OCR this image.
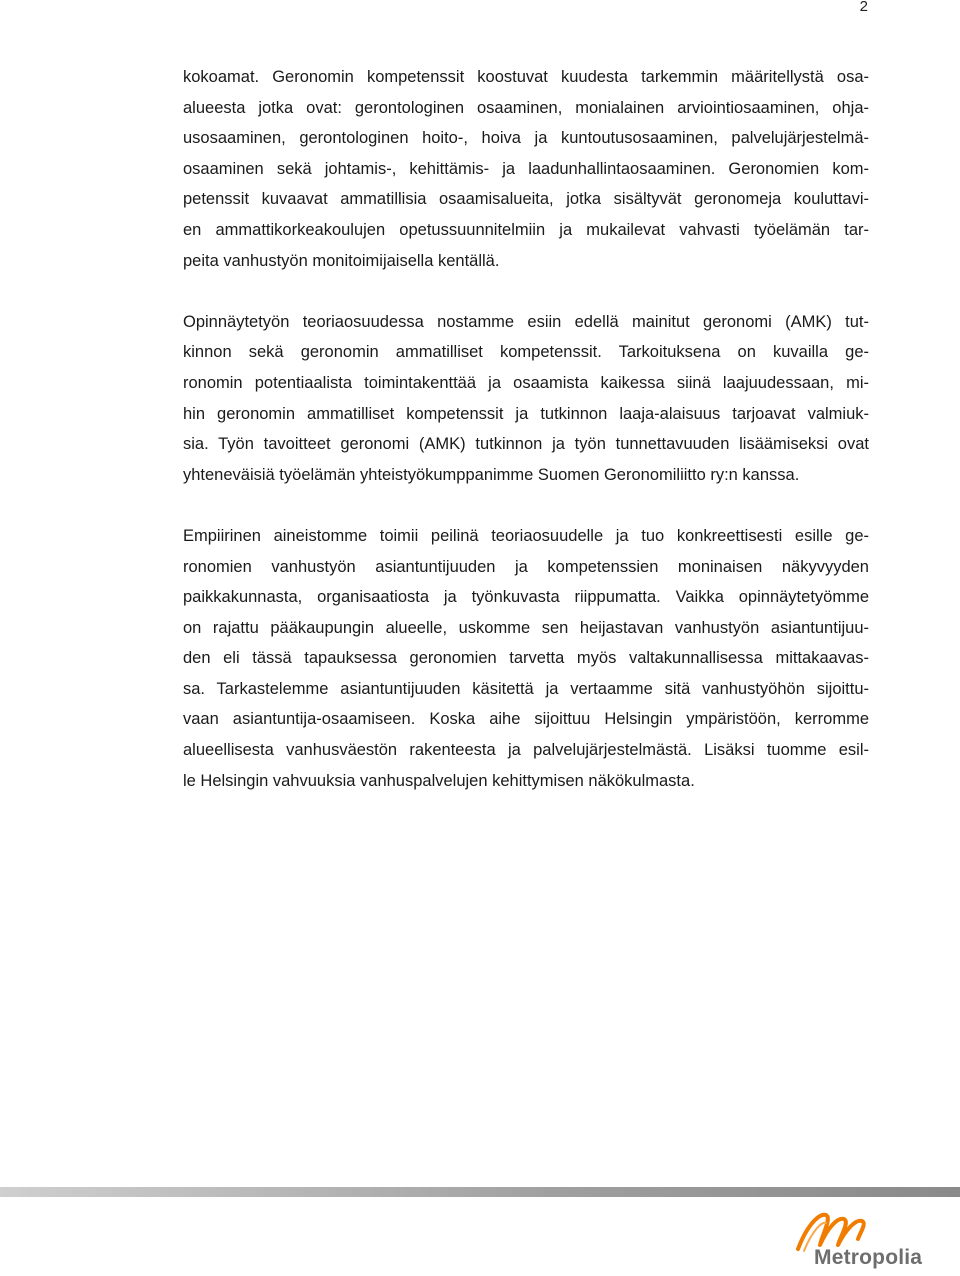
2
kokoamat. Geronomin kompetenssit koostuvat kuudesta tarkemmin määritellystä osa-
alueesta jotka ovat: gerontologinen osaaminen, monialainen arviointiosaaminen, ohja-
usosaaminen, gerontologinen hoito-, hoiva ja kuntoutusosaaminen, palvelujärjestelmä-
osaaminen sekä johtamis-, kehittämis- ja laadunhallintaosaaminen. Geronomien kom-
petenssit kuvaavat ammatillisia osaamisalueita, jotka sisältyvät geronomeja kouluttavi-
en ammattikorkeakoulujen opetussuunnitelmiin ja mukailevat vahvasti työelämän tar-
peita vanhustyön monitoimijaisella kentällä.
Opinnäytetyön teoriaosuudessa nostamme esiin edellä mainitut geronomi (AMK) tut-
kinnon sekä geronomin ammatilliset kompetenssit. Tarkoituksena on kuvailla ge-
ronomin potentiaalista toimintakenttää ja osaamista kaikessa siinä laajuudessaan, mi-
hin geronomin ammatilliset kompetenssit ja tutkinnon laaja-alaisuus tarjoavat valmiuk-
sia. Työn tavoitteet geronomi (AMK) tutkinnon ja työn tunnettavuuden lisäämiseksi ovat
yhteneväisiä työelämän yhteistyökumppanimme Suomen Geronomiliitto ry:n kanssa.
Empiirinen aineistomme toimii peilinä teoriaosuudelle ja tuo konkreettisesti esille ge-
ronomien vanhustyön asiantuntijuuden ja kompetenssien moninaisen näkyvyyden
paikkakunnasta, organisaatiosta ja työnkuvasta riippumatta. Vaikka opinnäytetyömme
on rajattu pääkaupungin alueelle, uskomme sen heijastavan vanhustyön asiantuntijuu-
den eli tässä tapauksessa geronomien tarvetta myös valtakunnallisessa mittakaavas-
sa. Tarkastelemme asiantuntijuuden käsitettä ja vertaamme sitä vanhustyöhön sijoittu-
vaan asiantuntija-osaamiseen. Koska aihe sijoittuu Helsingin ympäristöön, kerromme
alueellisesta vanhusväestön rakenteesta ja palvelujärjestelmästä. Lisäksi tuomme esil-
le Helsingin vahvuuksia vanhuspalvelujen kehittymisen näkökulmasta.
Metropolia
